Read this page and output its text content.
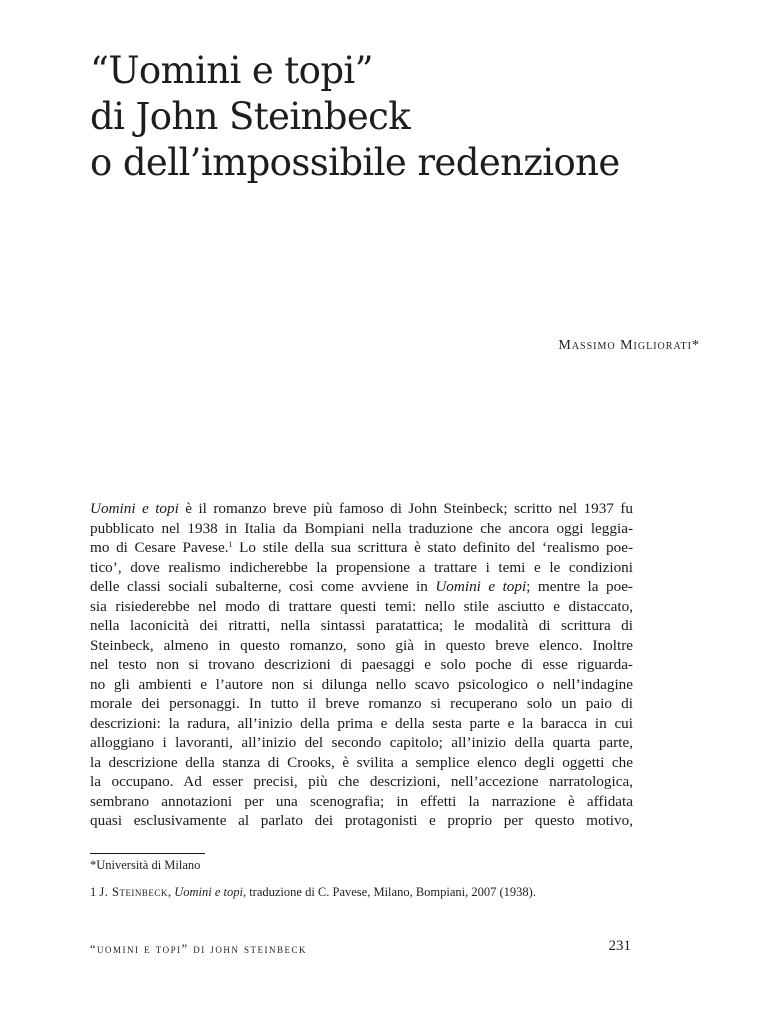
“Uomini e topi”
di John Steinbeck
o dell’impossibile redenzione
Massimo Migliorati*
Uomini e topi è il romanzo breve più famoso di John Steinbeck; scritto nel 1937 fu
pubblicato nel 1938 in Italia da Bompiani nella traduzione che ancora oggi leggia-
mo di Cesare Pavese.$^1$ Lo stile della sua scrittura è stato definito del ‘realismo poe-
tico’, dove realismo indicherebbe la propensione a trattare i temi e le condizioni
delle classi sociali subalterne, così come avviene in Uomini e topi; mentre la poe-
sia risiederebbe nel modo di trattare questi temi: nello stile asciutto e distaccato,
nella laconicità dei ritratti, nella sintassi paratattica; le modalità di scrittura di
Steinbeck, almeno in questo romanzo, sono già in questo breve elenco. Inoltre
nel testo non si trovano descrizioni di paesaggi e solo poche di esse riguarda-
no gli ambienti e l’autore non si dilunga nello scavo psicologico o nell’indagine
morale dei personaggi. In tutto il breve romanzo si recuperano solo un paio di
descrizioni: la radura, all’inizio della prima e della sesta parte e la baracca in cui
alloggiano i lavoranti, all’inizio del secondo capitolo; all’inizio della quarta parte,
la descrizione della stanza di Crooks, è svilita a semplice elenco degli oggetti che
la occupano. Ad esser precisi, più che descrizioni, nell’accezione narratologica,
sembrano annotazioni per una scenografia; in effetti la narrazione è affidata
quasi esclusivamente al parlato dei protagonisti e proprio per questo motivo,
*Università di Milano
1 J. Steinbeck, Uomini e topi, traduzione di C. Pavese, Milano, Bompiani, 2007 (1938).
“uomini e topi” di john steinbeck	231
